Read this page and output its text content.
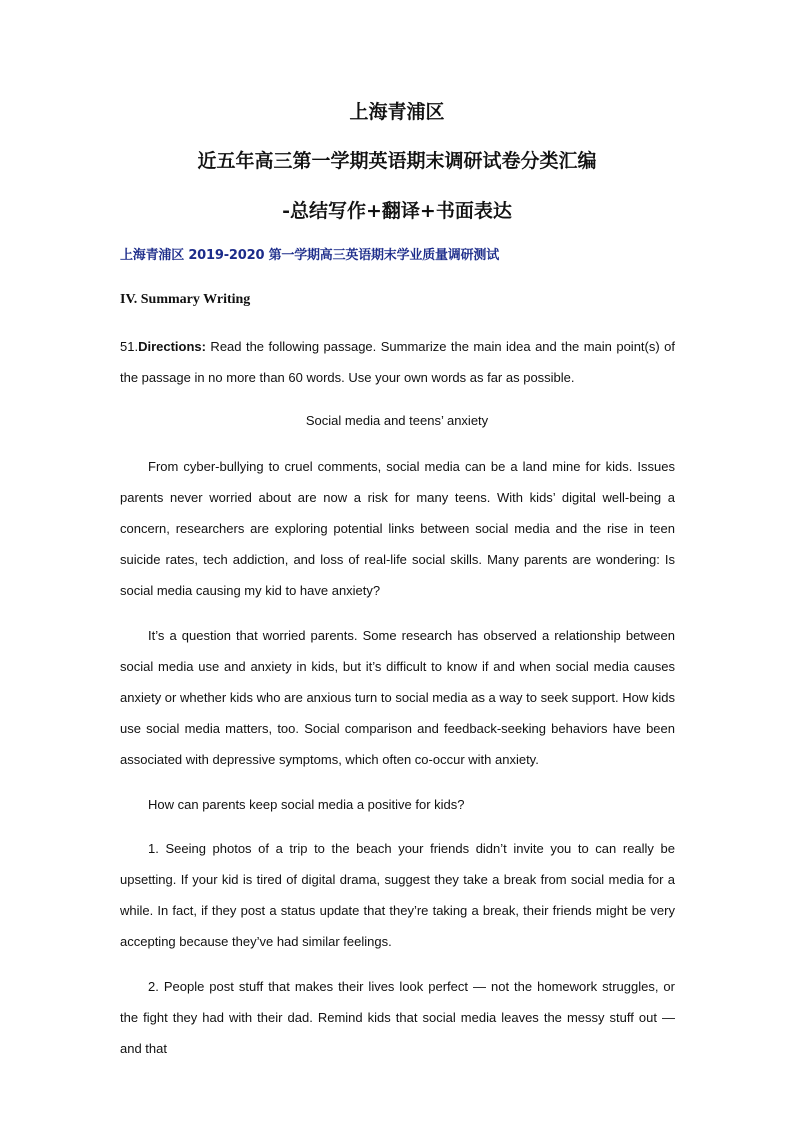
上海青浦区
近五年高三第一学期英语期末调研试卷分类汇编
-总结写作+翻译+书面表达
上海青浦区 2019-2020 第一学期高三英语期末学业质量调研测试
IV. Summary Writing

51.Directions: Read the following passage. Summarize the main idea and the main point(s) of the passage in no more than 60 words. Use your own words as far as possible.

Social media and teens’ anxiety

From cyber-bullying to cruel comments, social media can be a land mine for kids. Issues parents never worried about are now a risk for many teens. With kids’ digital well-being a concern, researchers are exploring potential links between social media and the rise in teen suicide rates, tech addiction, and loss of real-life social skills. Many parents are wondering: Is social media causing my kid to have anxiety?

It’s a question that worried parents. Some research has observed a relationship between social media use and anxiety in kids, but it’s difficult to know if and when social media causes anxiety or whether kids who are anxious turn to social media as a way to seek support. How kids use social media matters, too. Social comparison and feedback-seeking behaviors have been associated with depressive symptoms, which often co-occur with anxiety.

How can parents keep social media a positive for kids?

1. Seeing photos of a trip to the beach your friends didn’t invite you to can really be upsetting. If your kid is tired of digital drama, suggest they take a break from social media for a while. In fact, if they post a status update that they’re taking a break, their friends might be very accepting because they’ve had similar feelings.

2. People post stuff that makes their lives look perfect — not the homework struggles, or the fight they had with their dad. Remind kids that social media leaves the messy stuff out — and that
